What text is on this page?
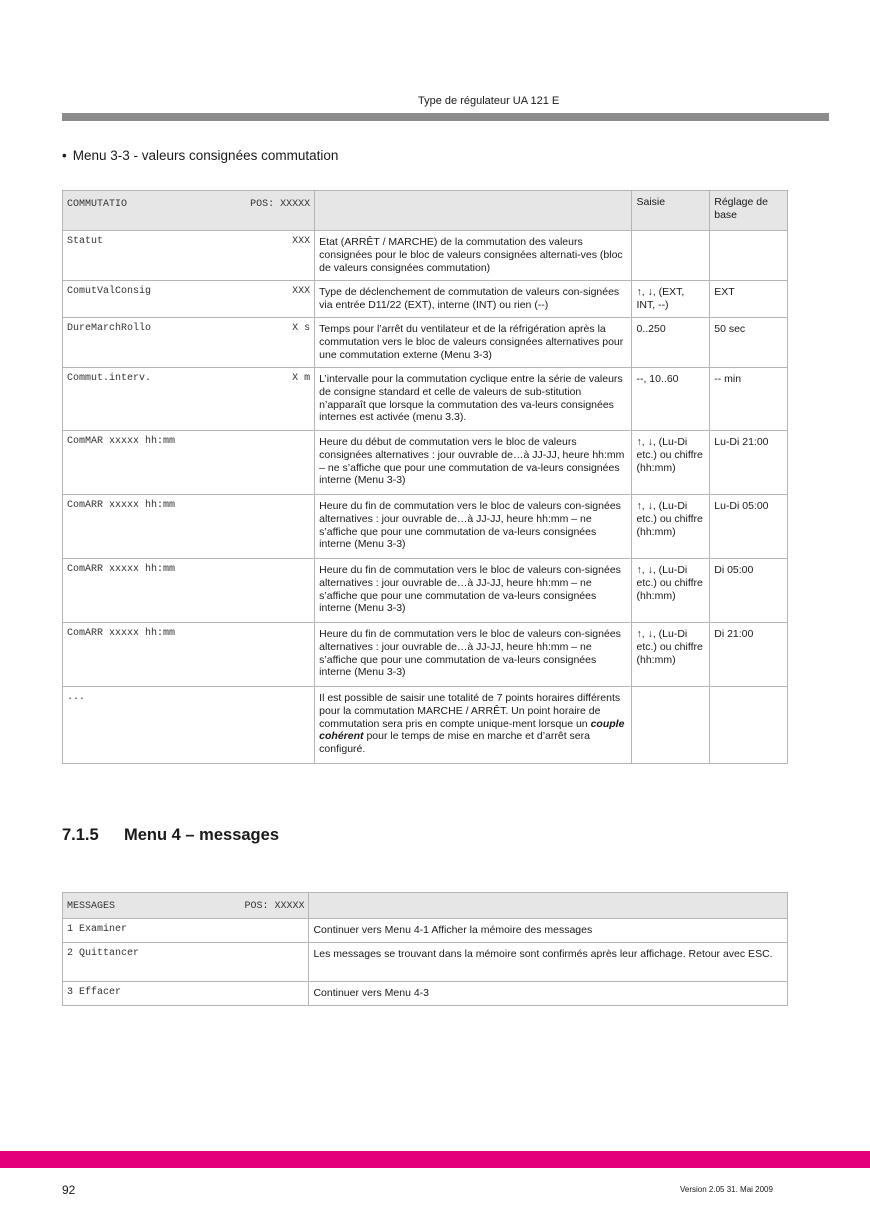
Type de régulateur UA 121 E
• Menu 3-3 - valeurs consignées commutation
COMMUTATIO POS: XXXXX		Saisie	Réglage de base
Statut XXX	Etat (ARRÊT / MARCHE) de la commutation des valeurs consignées pour le bloc de valeurs consignées alternati-ves (bloc de valeurs consignées commutation)		
ComutValConsig XXX	Type de déclenchement de commutation de valeurs con-signées via entrée D11/22 (EXT), interne (INT) ou rien (--)	↑, ↓, (EXT, INT, --)	EXT
DureMarchRollo X s	Temps pour l’arrêt du ventilateur et de la réfrigération après la commutation vers le bloc de valeurs consignées alternatives pour une commutation externe (Menu 3-3)	0..250	50 sec
Commut.interv. X m	L’intervalle pour la commutation cyclique entre la série de valeurs de consigne standard et celle de valeurs de sub-stitution n’apparaît que lorsque la commutation des va-leurs consignées internes est activée (menu 3.3).	--, 10..60	-- min
ComMAR xxxxx hh:mm	Heure du début de commutation vers le bloc de valeurs consignées alternatives : jour ouvrable de…à JJ-JJ, heure hh:mm – ne s’affiche que pour une commutation de va-leurs consignées interne (Menu 3-3)	↑, ↓, (Lu-Di etc.) ou chiffre (hh:mm)	Lu-Di 21:00
ComARR xxxxx hh:mm	Heure du fin de commutation vers le bloc de valeurs con-signées alternatives : jour ouvrable de…à JJ-JJ, heure hh:mm – ne s’affiche que pour une commutation de va-leurs consignées interne (Menu 3-3)	↑, ↓, (Lu-Di etc.) ou chiffre (hh:mm)	Lu-Di 05:00
ComARR xxxxx hh:mm	Heure du fin de commutation vers le bloc de valeurs con-signées alternatives : jour ouvrable de…à JJ-JJ, heure hh:mm – ne s’affiche que pour une commutation de va-leurs consignées interne (Menu 3-3)	↑, ↓, (Lu-Di etc.) ou chiffre (hh:mm)	Di 05:00
ComARR xxxxx hh:mm	Heure du fin de commutation vers le bloc de valeurs con-signées alternatives : jour ouvrable de…à JJ-JJ, heure hh:mm – ne s’affiche que pour une commutation de va-leurs consignées interne (Menu 3-3)	↑, ↓, (Lu-Di etc.) ou chiffre (hh:mm)	Di 21:00
...	Il est possible de saisir une totalité de 7 points horaires différents pour la commutation MARCHE / ARRÊT. Un point horaire de commutation sera pris en compte unique-ment lorsque un couple cohérent pour le temps de mise en marche et d’arrêt sera configuré.		
7.1.5 Menu 4 – messages
MESSAGES POS: XXXXX	

1 Examiner	Continuer vers Menu 4-1 Afficher la mémoire des messages
2 Quittancer	Les messages se trouvant dans la mémoire sont confirmés après leur affichage. Retour avec ESC.
3 Effacer	Continuer vers Menu 4-3
92	Version 2.05 31. Mai 2009
